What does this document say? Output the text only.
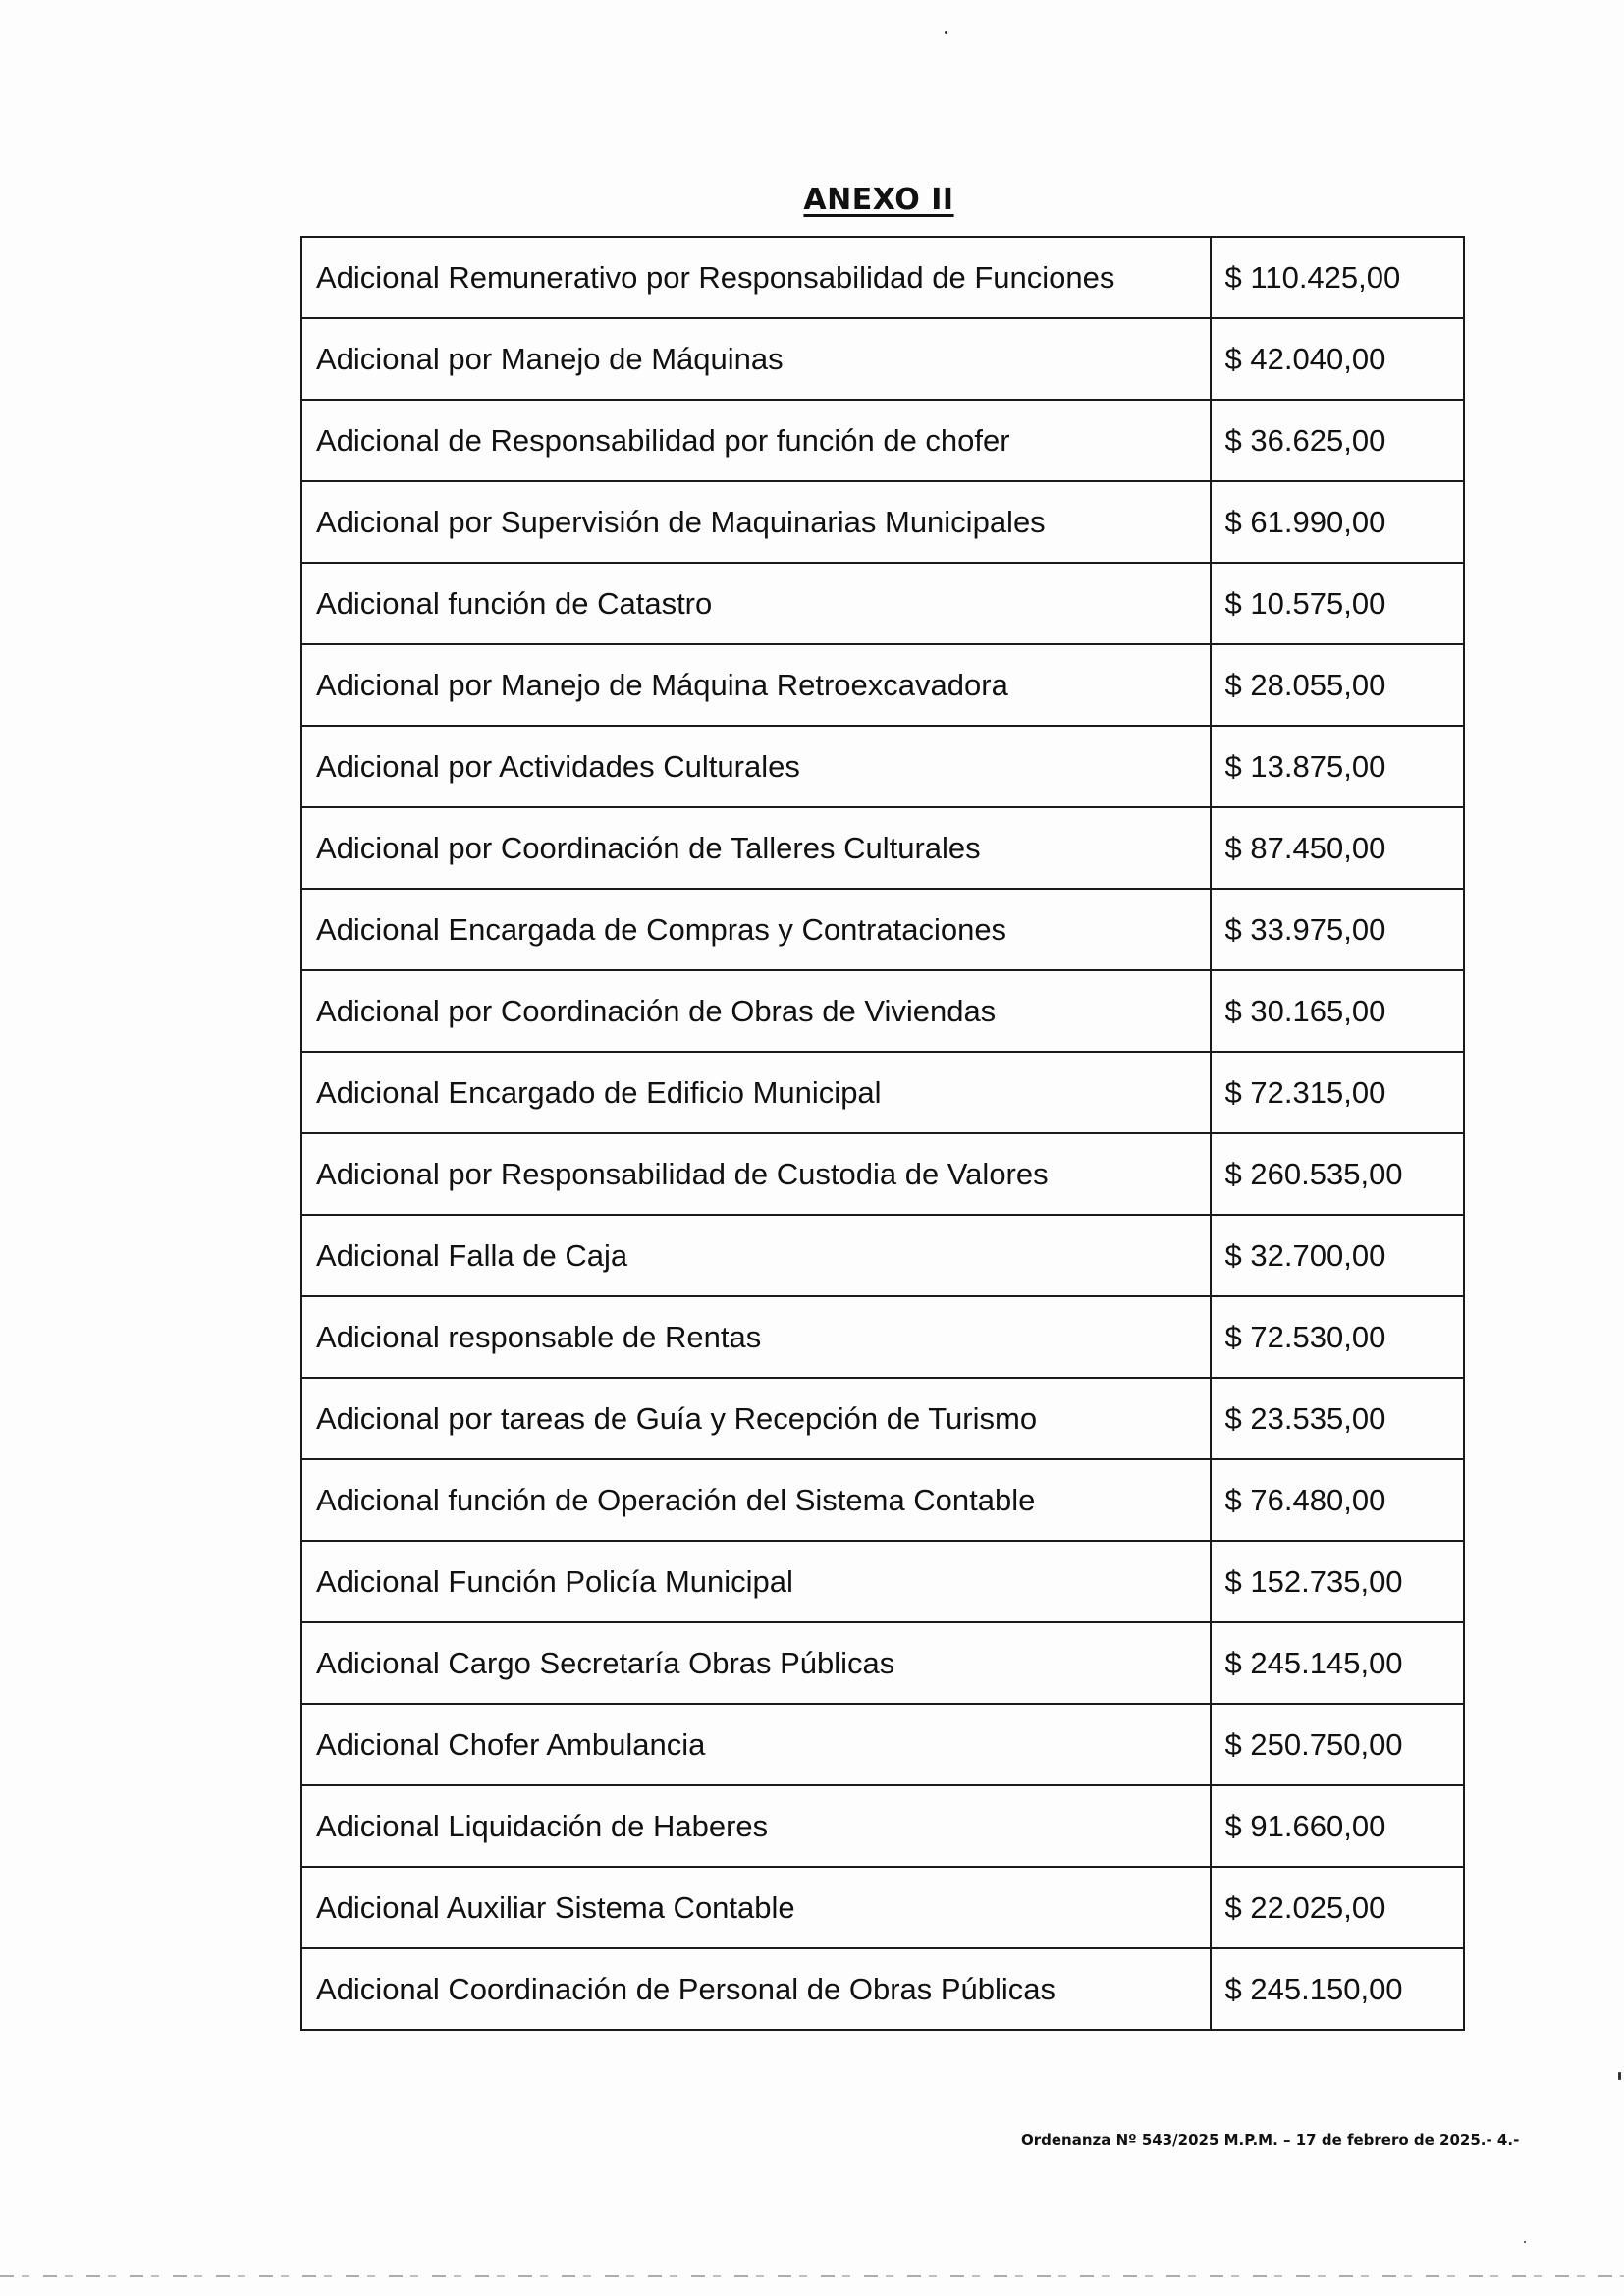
ANEXO II
Adicional Remunerativo por Responsabilidad de Funciones	$ 110.425,00
Adicional por Manejo de Máquinas	$ 42.040,00
Adicional de Responsabilidad por función de chofer	$ 36.625,00
Adicional por Supervisión de Maquinarias Municipales	$ 61.990,00
Adicional función de Catastro	$ 10.575,00
Adicional por Manejo de Máquina Retroexcavadora	$ 28.055,00
Adicional por Actividades Culturales	$ 13.875,00
Adicional por Coordinación de Talleres Culturales	$ 87.450,00
Adicional Encargada de Compras y Contrataciones	$ 33.975,00
Adicional por Coordinación de Obras de Viviendas	$ 30.165,00
Adicional Encargado de Edificio Municipal	$ 72.315,00
Adicional por Responsabilidad de Custodia de Valores	$ 260.535,00
Adicional Falla de Caja	$ 32.700,00
Adicional responsable de Rentas	$ 72.530,00
Adicional por tareas de Guía y Recepción de Turismo	$ 23.535,00
Adicional función de Operación del Sistema Contable	$ 76.480,00
Adicional Función Policía Municipal	$ 152.735,00
Adicional Cargo Secretaría Obras Públicas	$ 245.145,00
Adicional Chofer Ambulancia	$ 250.750,00
Adicional Liquidación de Haberes	$ 91.660,00
Adicional Auxiliar Sistema Contable	$ 22.025,00
Adicional Coordinación de Personal de Obras Públicas	$ 245.150,00
Ordenanza Nº 543/2025 M.P.M. – 17 de febrero de 2025.- 4.-
